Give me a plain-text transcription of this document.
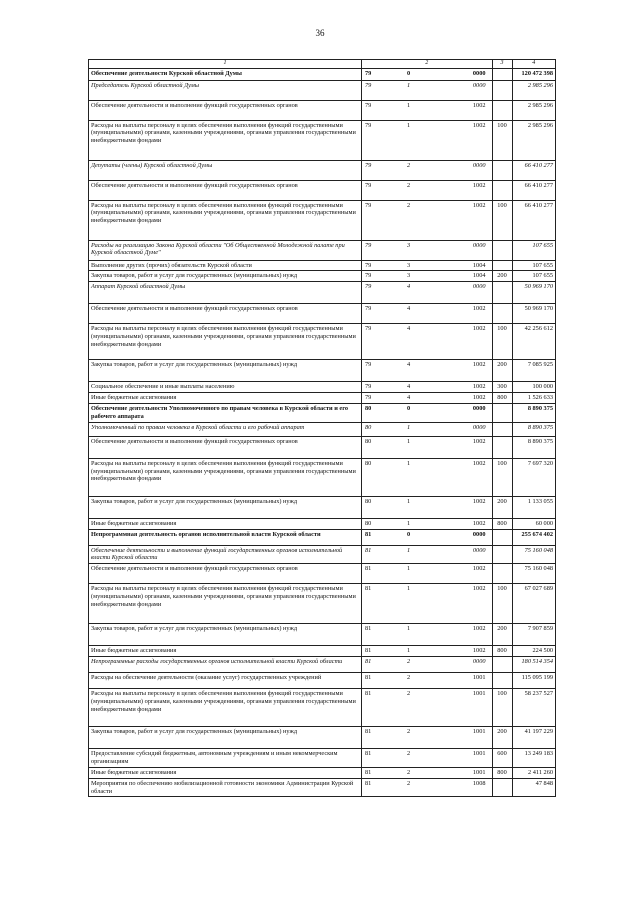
36
1	2			3	4
Обеспечение деятельности Курской областной Думы	79	0	0000		120 472 398
Председатель Курской областной Думы	79	1	0000		2 985 296
Обеспечение деятельности и выполнение функций государственных органов	79	1	1002		2 985 296
Расходы на выплаты персоналу в целях обеспечения выполнения функций государственными (муниципальными) органами, казенными учреждениями, органами управления государственными внебюджетными фондами	79	1	1002	100	2 985 296
Депутаты (члены) Курской областной Думы	79	2	0000		66 410 277
Обеспечение деятельности и выполнение функций государственных органов	79	2	1002		66 410 277
Расходы на выплаты персоналу в целях обеспечения выполнения функций государственными (муниципальными) органами, казенными учреждениями, органами управления государственными внебюджетными фондами	79	2	1002	100	66 410 277
Расходы на реализацию Закона Курской области "Об Общественной Молодежной палате при Курской областной Думе"	79	3	0000		107 655
Выполнение других (прочих) обязательств Курской области	79	3	1004		107 655
Закупка товаров, работ и услуг для государственных (муниципальных) нужд	79	3	1004	200	107 655
Аппарат Курской областной Думы	79	4	0000		50 969 170
Обеспечение деятельности и выполнение функций государственных органов	79	4	1002		50 969 170
Расходы на выплаты персоналу в целях обеспечения выполнения функций государственными (муниципальными) органами, казенными учреждениями, органами управления государственными внебюджетными фондами	79	4	1002	100	42 256 612
Закупка товаров, работ и услуг для государственных (муниципальных) нужд	79	4	1002	200	7 085 925
Социальное обеспечение и иные выплаты населению	79	4	1002	300	100 000
Иные бюджетные ассигнования	79	4	1002	800	1 526 633
Обеспечение деятельности Уполномоченного по правам человека в Курской области и его рабочего аппарата	80	0	0000		8 890 375
Уполномоченный по правам человека в Курской области и его рабочий аппарат	80	1	0000		8 890 375
Обеспечение деятельности и выполнение функций государственных органов	80	1	1002		8 890 375
Расходы на выплаты персоналу в целях обеспечения выполнения функций государственными (муниципальными) органами, казенными учреждениями, органами управления государственными внебюджетными фондами	80	1	1002	100	7 697 320
Закупка товаров, работ и услуг для государственных (муниципальных) нужд	80	1	1002	200	1 133 055
Иные бюджетные ассигнования	80	1	1002	800	60 000
Непрограммная деятельность органов исполнительной власти Курской области	81	0	0000		255 674 402
Обеспечение деятельности и выполнение функций государственных органов исполнительной власти Курской области	81	1	0000		75 160 048
Обеспечение деятельности и выполнение функций государственных органов	81	1	1002		75 160 048
Расходы на выплаты персоналу в целях обеспечения выполнения функций государственными (муниципальными) органами, казенными учреждениями, органами управления государственными внебюджетными фондами	81	1	1002	100	67 027 689
Закупка товаров, работ и услуг для государственных (муниципальных) нужд	81	1	1002	200	7 907 859
Иные бюджетные ассигнования	81	1	1002	800	224 500
Непрограммные расходы государственных органов исполнительной власти Курской области	81	2	0000		180 514 354
Расходы на обеспечение деятельности (оказание услуг) государственных учреждений	81	2	1001		115 095 199
Расходы на выплаты персоналу в целях обеспечения выполнения функций государственными (муниципальными) органами, казенными учреждениями, органами управления государственными внебюджетными фондами	81	2	1001	100	58 237 527
Закупка товаров, работ и услуг для государственных (муниципальных) нужд	81	2	1001	200	41 197 229
Предоставление субсидий бюджетным, автономным учреждениям и иным некоммерческим организациям	81	2	1001	600	13 249 183
Иные бюджетные ассигнования	81	2	1001	800	2 411 260
Мероприятия по обеспечению мобилизационной готовности экономики Администрации Курской области	81	2	1008		47 848
